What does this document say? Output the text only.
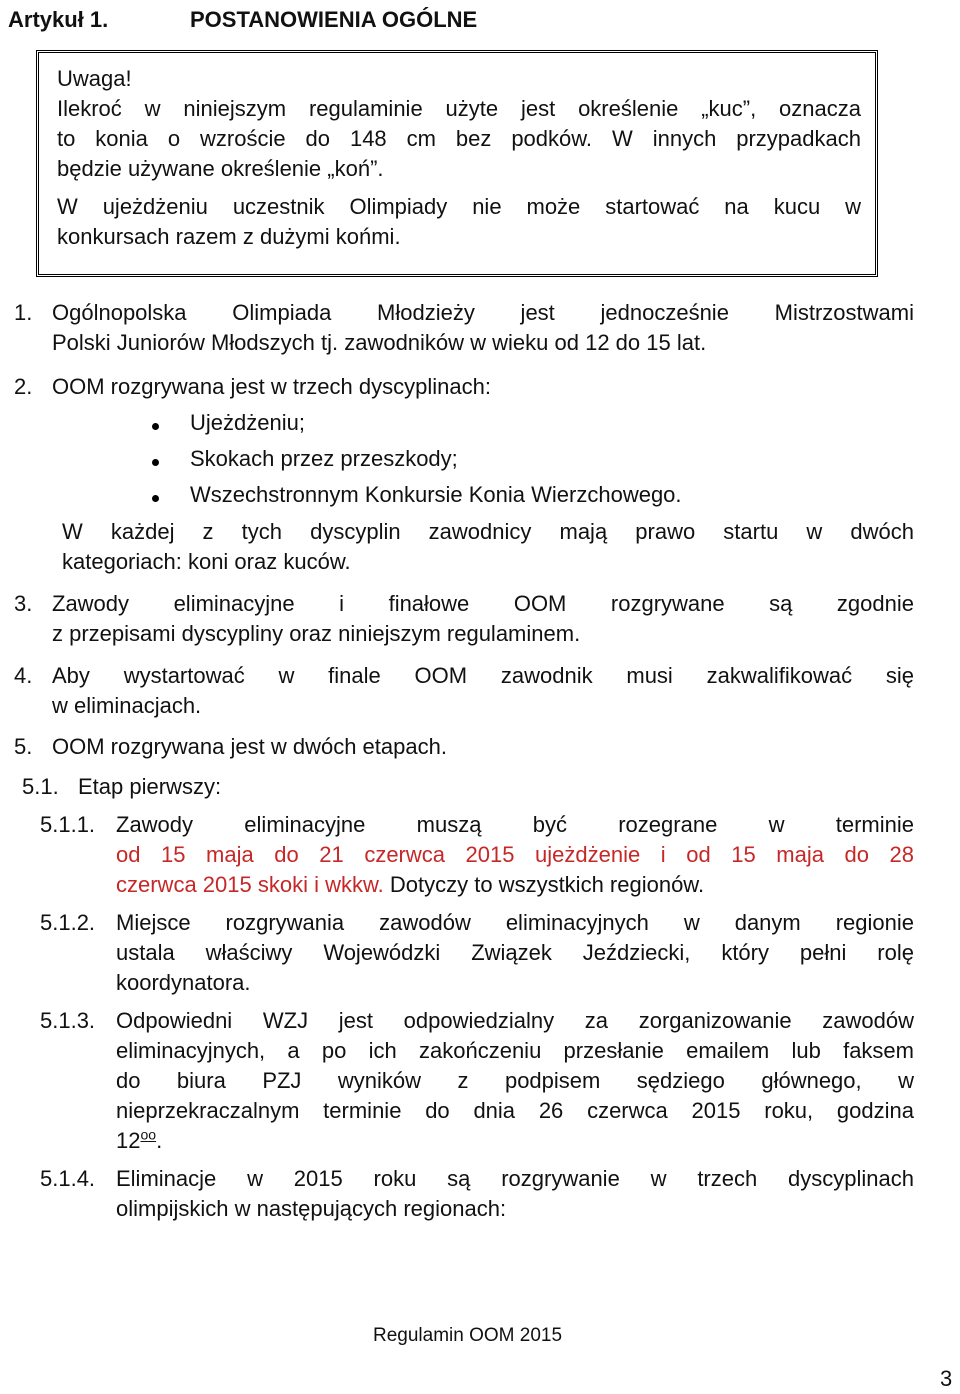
Artykuł 1.	POSTANOWIENIA OGÓLNE

Uwaga!

Ilekroć w niniejszym regulaminie użyte jest określenie „kuc”, oznacza

to konia o wzroście do 148 cm bez podków. W innych przypadkach

będzie używane określenie „koń”.

W ujeżdżeniu uczestnik Olimpiady nie może startować na kucu w

konkursach razem z dużymi końmi.

1. Ogólnopolska Olimpiada Młodzieży jest jednocześnie Mistrzostwami
Polski Juniorów Młodszych tj. zawodników w wieku od 12 do 15 lat.
2. OOM rozgrywana jest w trzech dyscyplinach:
Ujeżdżeniu;
Skokach przez przeszkody;
Wszechstronnym Konkursie Konia Wierzchowego.
W każdej z tych dyscyplin zawodnicy mają prawo startu w dwóch
kategoriach: koni oraz kuców.
3. Zawody eliminacyjne i finałowe OOM rozgrywane są zgodnie
z przepisami dyscypliny oraz niniejszym regulaminem.
4. Aby wystartować w finale OOM zawodnik musi zakwalifikować się
w eliminacjach.
5. OOM rozgrywana jest w dwóch etapach.
5.1. Etap pierwszy:
5.1.1. Zawody eliminacyjne muszą być rozegrane w terminie
od 15 maja do 21 czerwca 2015 ujeżdżenie i od 15 maja do 28
czerwca 2015 skoki i wkkw. Dotyczy to wszystkich regionów.
5.1.2. Miejsce rozgrywania zawodów eliminacyjnych w danym regionie
ustala właściwy Wojewódzki Związek Jeździecki, który pełni rolę
koordynatora.
5.1.3. Odpowiedni WZJ jest odpowiedzialny za zorganizowanie zawodów
eliminacyjnych, a po ich zakończeniu przesłanie emailem lub faksem
do biura PZJ wyników z podpisem sędziego głównego, w
nieprzekraczalnym terminie do dnia 26 czerwca 2015 roku, godzina
$12^{oo}$.
5.1.4. Eliminacje w 2015 roku są rozgrywanie w trzech dyscyplinach
olimpijskich w następujących regionach:
Regulamin OOM 2015
3
